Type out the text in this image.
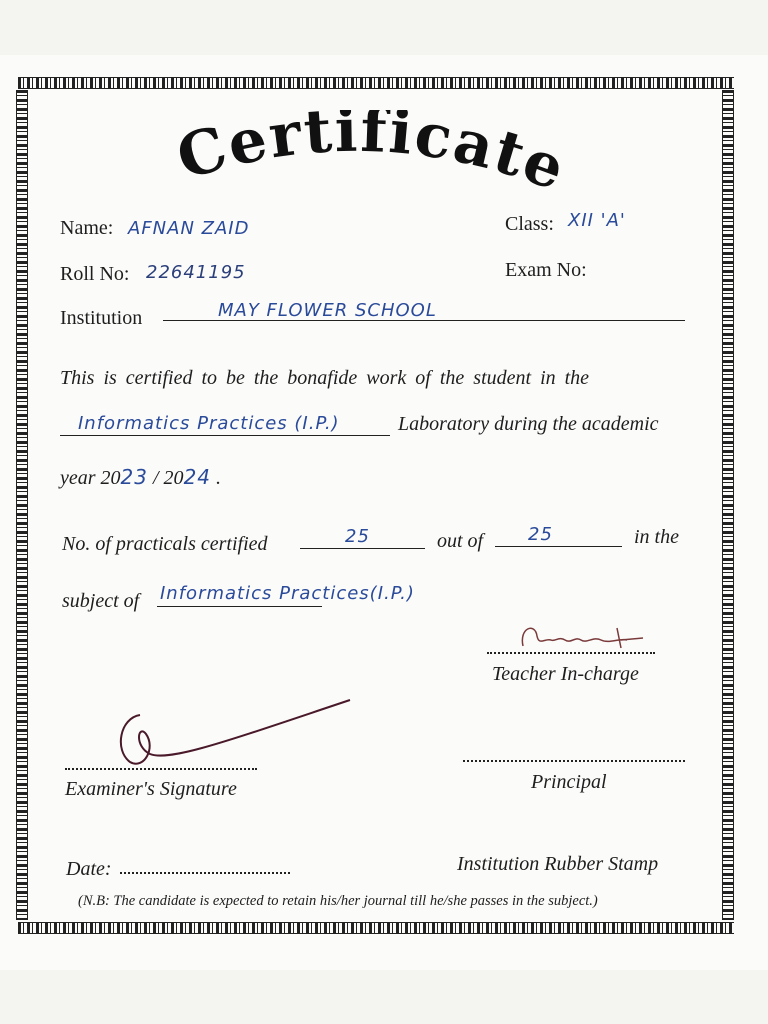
Certificate
Name: AFNAN ZAID	Class: XII 'A'
Roll No: 22641195	Exam No:
Institution	MAY FLOWER SCHOOL
This is certified to be the bonafide work of the student in the
Informatics Practices (I.P.)	Laboratory during the academic
year 2023 / 2024 .
No. of practicals certified	25	out of 25	in the
subject of Informatics Practices(I.P.)
Teacher In-charge
Examiner's Signature	Principal
Date:	Institution Rubber Stamp
(N.B: The candidate is expected to retain his/her journal till he/she passes in the subject.)
